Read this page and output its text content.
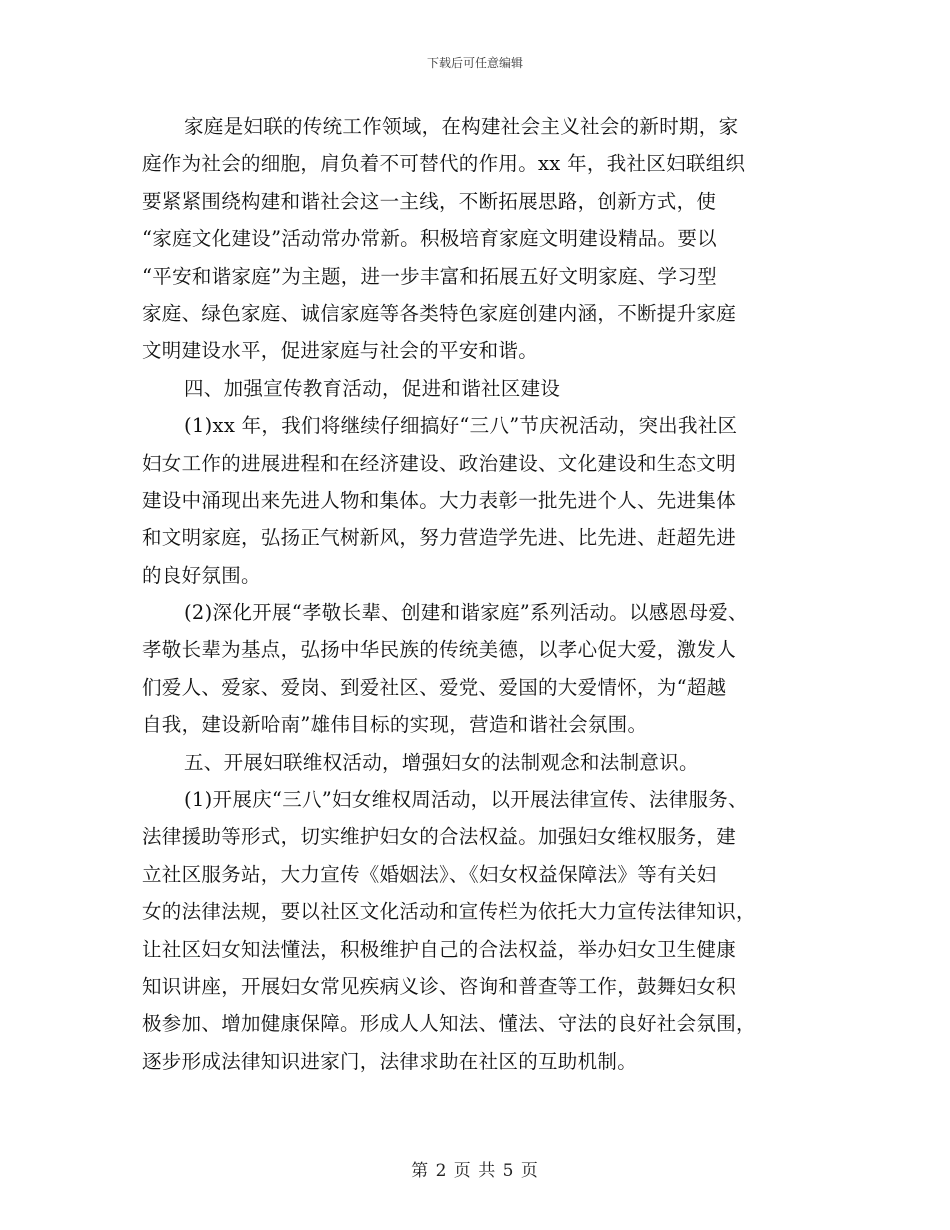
下载后可任意编辑
家庭是妇联的传统工作领域，在构建社会主义社会的新时期，家
庭作为社会的细胞，肩负着不可替代的作用。xx 年，我社区妇联组织
要紧紧围绕构建和谐社会这一主线，不断拓展思路，创新方式，使
“家庭文化建设”活动常办常新。积极培育家庭文明建设精品。要以
“平安和谐家庭”为主题，进一步丰富和拓展五好文明家庭、学习型
家庭、绿色家庭、诚信家庭等各类特色家庭创建内涵，不断提升家庭
文明建设水平，促进家庭与社会的平安和谐。
四、加强宣传教育活动，促进和谐社区建设
(1)xx 年，我们将继续仔细搞好“三八”节庆祝活动，突出我社区
妇女工作的进展进程和在经济建设、政治建设、文化建设和生态文明
建设中涌现出来先进人物和集体。大力表彰一批先进个人、先进集体
和文明家庭，弘扬正气树新风，努力营造学先进、比先进、赶超先进
的良好氛围。
(2)深化开展“孝敬长辈、创建和谐家庭”系列活动。以感恩母爱、
孝敬长辈为基点，弘扬中华民族的传统美德，以孝心促大爱，激发人
们爱人、爱家、爱岗、到爱社区、爱党、爱国的大爱情怀，为“超越
自我，建设新哈南”雄伟目标的实现，营造和谐社会氛围。
五、开展妇联维权活动，增强妇女的法制观念和法制意识。
(1)开展庆“三八”妇女维权周活动，以开展法律宣传、法律服务、
法律援助等形式，切实维护妇女的合法权益。加强妇女维权服务，建
立社区服务站，大力宣传《婚姻法》、《妇女权益保障法》等有关妇
女的法律法规，要以社区文化活动和宣传栏为依托大力宣传法律知识，
让社区妇女知法懂法，积极维护自己的合法权益，举办妇女卫生健康
知识讲座，开展妇女常见疾病义诊、咨询和普查等工作，鼓舞妇女积
极参加、增加健康保障。形成人人知法、懂法、守法的良好社会氛围，
逐步形成法律知识进家门，法律求助在社区的互助机制。
第 2 页 共 5 页
